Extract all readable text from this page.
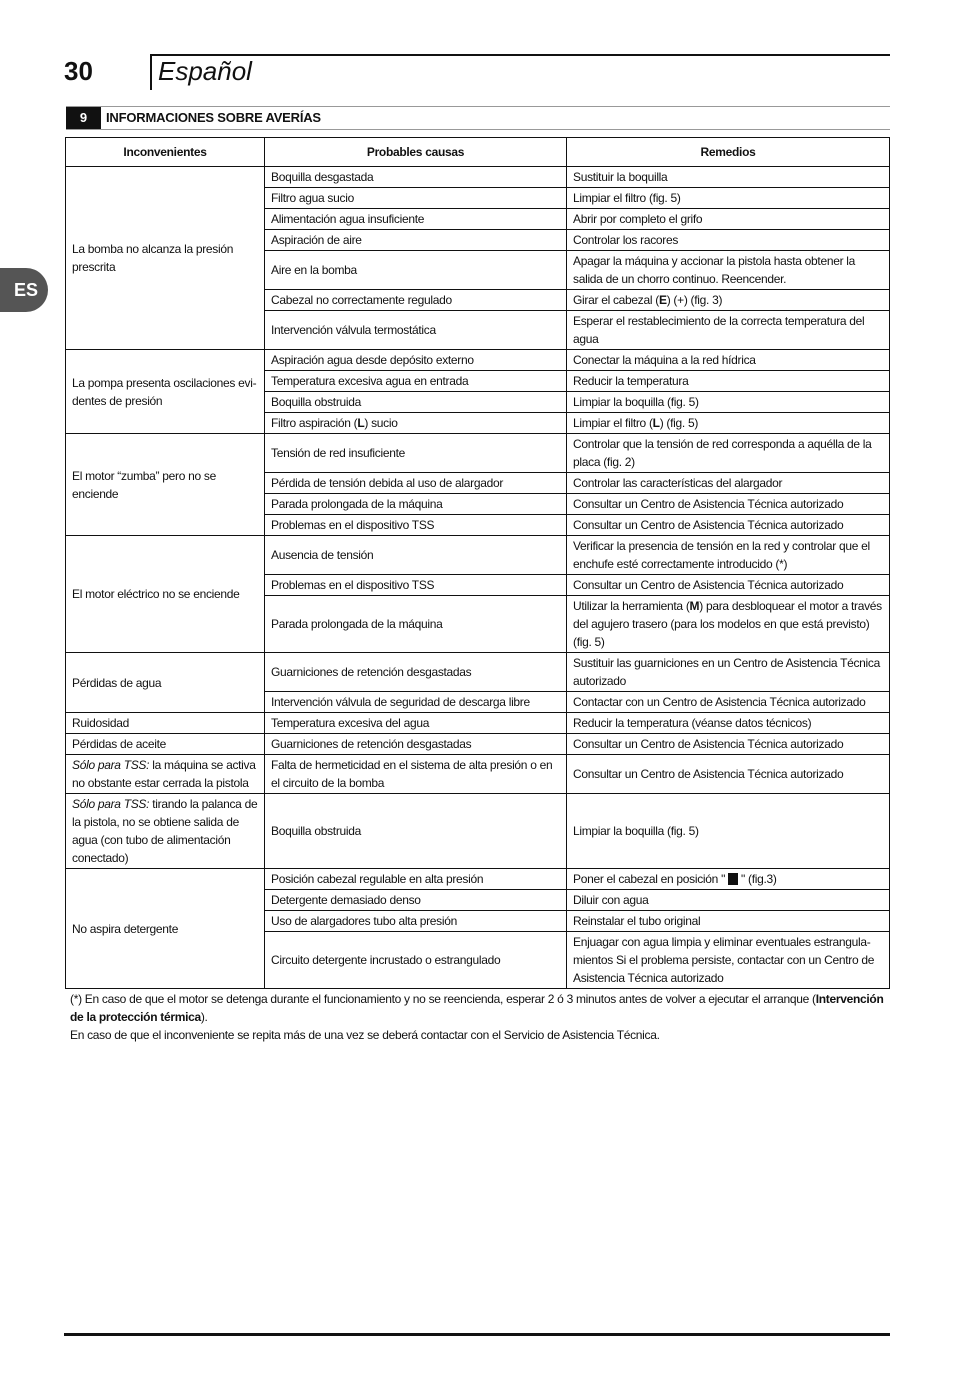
30	Español
ES
9	INFORMACIONES SOBRE AVERÍAS
Inconvenientes	Probables causas	Remedios
La bomba no alcanza la presión prescrita	Boquilla desgastada	Sustituir la boquilla
	Filtro agua sucio	Limpiar el filtro (fig. 5)
	Alimentación agua insuficiente	Abrir por completo el grifo
	Aspiración de aire	Controlar los racores
	Aire en la bomba	Apagar la máquina y accionar la pistola hasta obtener la salida de un chorro continuo. Reencender.
	Cabezal no correctamente regulado	Girar el cabezal (E) (+) (fig. 3)
	Intervención válvula termostática	Esperar el restablecimiento de la correcta temperatura del agua
La pompa presenta oscilaciones evi-dentes de presión	Aspiración agua desde depósito externo	Conectar la máquina a la red hídrica
	Temperatura excesiva agua en entrada	Reducir la temperatura
	Boquilla obstruida	Limpiar la boquilla (fig. 5)
	Filtro aspiración (L) sucio	Limpiar el filtro (L) (fig. 5)
El motor “zumba” pero no se enciende	Tensión de red insuficiente	Controlar que la tensión de red corresponda a aquélla de la placa (fig. 2)
	Pérdida de tensión debida al uso de alargador	Controlar las características del alargador
	Parada prolongada de la máquina	Consultar un Centro de Asistencia Técnica autorizado
	Problemas en el dispositivo TSS	Consultar un Centro de Asistencia Técnica autorizado
El motor eléctrico no se enciende	Ausencia de tensión	Verificar la presencia de tensión en la red y controlar que el enchufe esté correctamente introducido (*)
	Problemas en el dispositivo TSS	Consultar un Centro de Asistencia Técnica autorizado
	Parada prolongada de la máquina	Utilizar la herramienta (M) para desbloquear el motor a través del agujero trasero (para los modelos en que está previsto) (fig. 5)
Pérdidas de agua	Guarniciones de retención desgastadas	Sustituir las guarniciones en un Centro de Asistencia Técnica autorizado
	Intervención válvula de seguridad de descarga libre	Contactar con un Centro de Asistencia Técnica autorizado
Ruidosidad	Temperatura excesiva del agua	Reducir la temperatura (véanse datos técnicos)
Pérdidas de aceite	Guarniciones de retención desgastadas	Consultar un Centro de Asistencia Técnica autorizado
Sólo para TSS: la máquina se activa no obstante estar cerrada la pistola	Falta de hermeticidad en el sistema de alta presión o en el circuito de la bomba	Consultar un Centro de Asistencia Técnica autorizado
Sólo para TSS: tirando la palanca de la pistola, no se obtiene salida de agua (con tubo de alimentación conectado)	Boquilla obstruida	Limpiar la boquilla (fig. 5)
No aspira detergente	Posición cabezal regulable en alta presión	Poner el cabezal en posición " " (fig.3)
	Detergente demasiado denso	Diluir con agua
	Uso de alargadores tubo alta presión	Reinstalar el tubo original
	Circuito detergente incrustado o estrangulado	Enjuagar con agua limpia y eliminar eventuales estrangula-mientos Si el problema persiste, contactar con un Centro de Asistencia Técnica autorizado
(*) En caso de que el motor se detenga durante el funcionamiento y no se reencienda, esperar 2 ó 3 minutos antes de volver a ejecutar el arranque (Intervención de la protección térmica).
En caso de que el inconveniente se repita más de una vez se deberá contactar con el Servicio de Asistencia Técnica.
